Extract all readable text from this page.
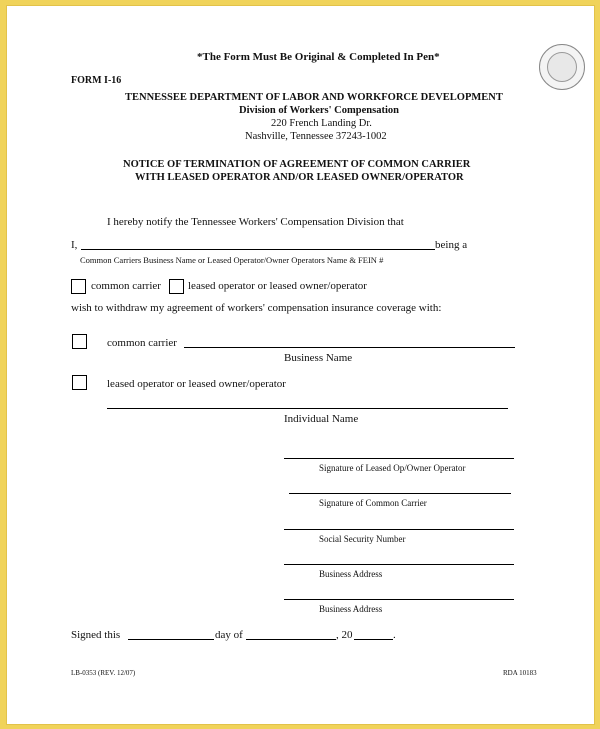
*The Form Must Be Original & Completed In Pen*
FORM I-16
TENNESSEE DEPARTMENT OF LABOR AND WORKFORCE DEVELOPMENT
Division of Workers' Compensation
220 French Landing Dr.
Nashville, Tennessee 37243-1002
NOTICE OF TERMINATION OF AGREEMENT OF COMMON CARRIER
WITH LEASED OPERATOR AND/OR LEASED OWNER/OPERATOR
I hereby notify the Tennessee Workers' Compensation Division that
I,	being a
Common Carriers Business Name or Leased Operator/Owner Operators Name & FEIN #
common carrier leased operator or leased owner/operator
wish to withdraw my agreement of workers' compensation insurance coverage with:
common carrier
Business Name
leased operator or leased owner/operator
Individual Name
Signature of Leased Op/Owner Operator
Signature of Common Carrier
Social Security Number
Business Address
Business Address
Signed this	day of	, 20	.
LB-0353 (REV. 12/07)	RDA 10183
